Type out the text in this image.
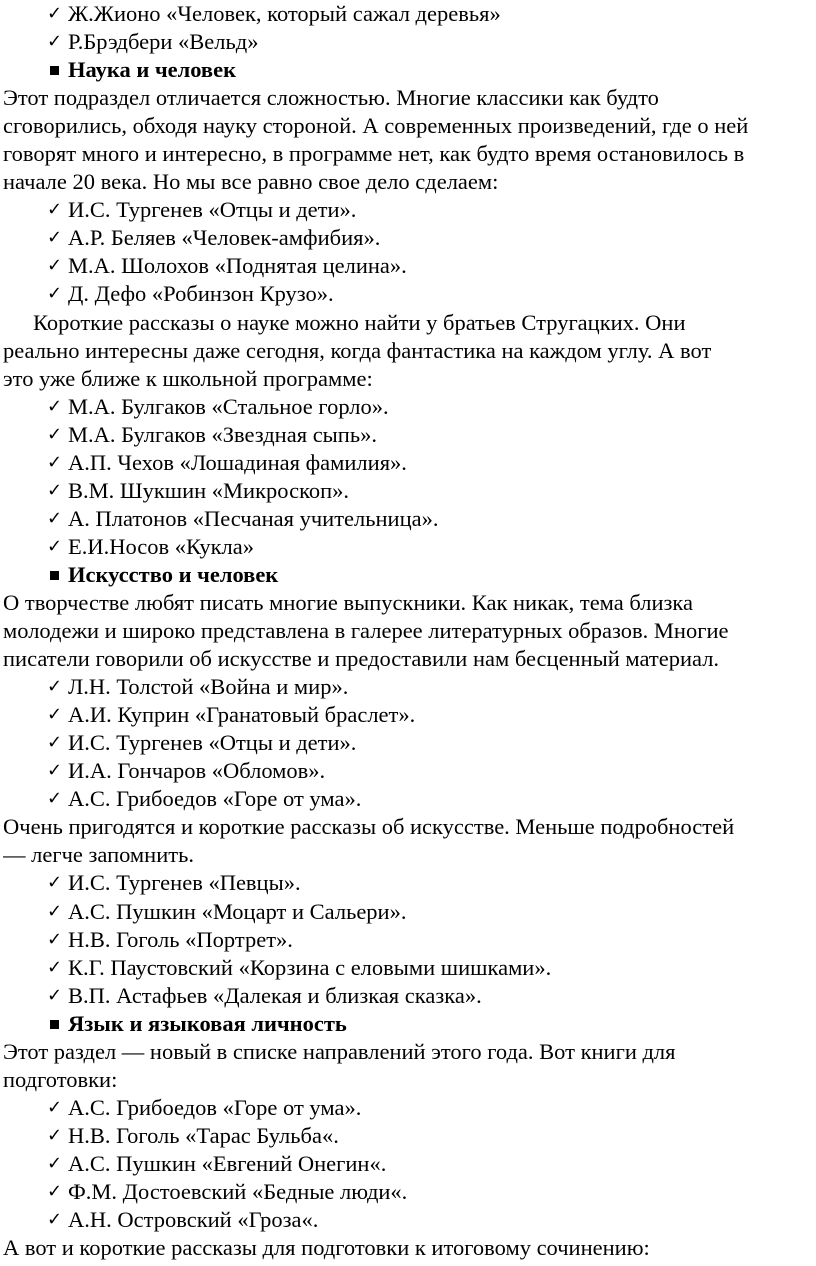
✓ Ж.Жионо «Человек, который сажал деревья»
✓ Р.Брэдбери «Вельд»
Наука и человек
Этот подраздел отличается сложностью. Многие классики как будто
сговорились, обходя науку стороной. А современных произведений, где о ней
говорят много и интересно, в программе нет, как будто время остановилось в
начале 20 века. Но мы все равно свое дело сделаем:
✓ И.С. Тургенев «Отцы и дети».
✓ А.Р. Беляев «Человек-амфибия».
✓ М.А. Шолохов «Поднятая целина».
✓ Д. Дефо «Робинзон Крузо».
Короткие рассказы о науке можно найти у братьев Стругацких. Они
реально интересны даже сегодня, когда фантастика на каждом углу. А вот
это уже ближе к школьной программе:
✓ М.А. Булгаков «Стальное горло».
✓ М.А. Булгаков «Звездная сыпь».
✓ А.П. Чехов «Лошадиная фамилия».
✓ В.М. Шукшин «Микроскоп».
✓ А. Платонов «Песчаная учительница».
✓ Е.И.Носов «Кукла»
Искусство и человек
О творчестве любят писать многие выпускники. Как никак, тема близка
молодежи и широко представлена в галерее литературных образов. Многие
писатели говорили об искусстве и предоставили нам бесценный материал.
✓ Л.Н. Толстой «Война и мир».
✓ А.И. Куприн «Гранатовый браслет».
✓ И.С. Тургенев «Отцы и дети».
✓ И.А. Гончаров «Обломов».
✓ А.С. Грибоедов «Горе от ума».
Очень пригодятся и короткие рассказы об искусстве. Меньше подробностей
— легче запомнить.
✓ И.С. Тургенев «Певцы».
✓ А.С. Пушкин «Моцарт и Сальери».
✓ Н.В. Гоголь «Портрет».
✓ К.Г. Паустовский «Корзина с еловыми шишками».
✓ В.П. Астафьев «Далекая и близкая сказка».
Язык и языковая личность
Этот раздел — новый в списке направлений этого года. Вот книги для
подготовки:
✓ А.С. Грибоедов «Горе от ума».
✓ Н.В. Гоголь «Тарас Бульба«.
✓ А.С. Пушкин «Евгений Онегин«.
✓ Ф.М. Достоевский «Бедные люди«.
✓ А.Н. Островский «Гроза«.
А вот и короткие рассказы для подготовки к итоговому сочинению:
